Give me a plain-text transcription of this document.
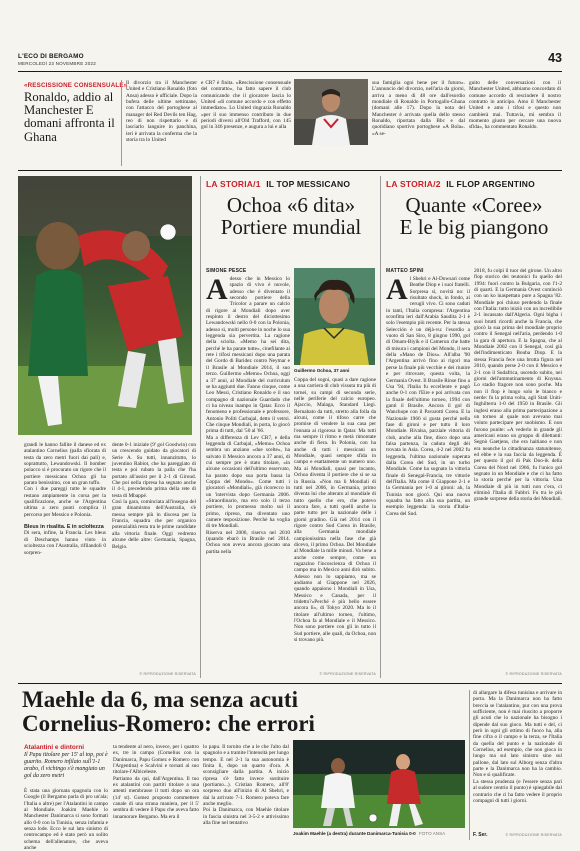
L'ECO DI BERGAMO
MERCOLEDÌ 23 NOVEMBRE 2022	43
«RESCISSIONE CONSENSUALE»
Ronaldo, addio al Manchester E domani affronta il Ghana
Il divorzio tra il Manchester United e Cristiano Ronaldo (foto Ansa) adesso è ufficiale. Dopo la bufera delle ultime settimane, con l'attacco del portoghese al manager del Red Devils ten Hag, reo di non rispettarlo e di lasciarlo languire in panchina, ieri è arrivata la conferma che la storia tra lo United
e CR7 è finita. «Rescissione consensuale del contratto», ha fatto sapere il club comunicando che il giocatore lascia lo United «di comune accordo e con effetto immediato». Lo United ringrazia Ronaldo «per il suo immenso contributo in due periodi diversi all'Old Trafford, con 145 gol in 346 presenze, e augura a lui e alla
sua famiglia ogni bene per il futuro». L'annuncio del divorzio, nell'aria da giorni, arriva a meno di 48 ore dall'esordio mondiale di Ronaldo in Portogallo-Ghana (domani alle 17). Dopo la nota del Manchester è arrivata quella dello stesso Ronaldo, riportata dalla Bbc e dal quotidiano sportivo portoghese «A Bola». «A se-
guito delle conversazioni con il Manchester United, abbiamo concordato di comune accordo di rescindere il nostro contratto in anticipo. Amo il Manchester United e amo i tifosi e questo non cambierà mai. Tuttavia, mi sembra il momento giusto per cercare una nuova sfida», ha commentato Ronaldo.

grandi le hanno fallite il danese ed ex atalantino Cornelius (palla sfiorata di testa da zero metri fuori dai pali) e, soprattutto, Lewandowski. Il bomber polacco si è procurato un rigore che il portiere messicano Ochoa gli ha parato benissimo, con un gran tuffo.
Con i due pareggi tutte le squadre restano ampiamente in corsa per la qualificazione, anche se l'Argentina ultima a zero punti complica il percorso per Messico e Polonia.

Bleus in risalita. E in scioltezza

Di sera, infine, la Francia. Les bleus di Deschamps hanno vinto in scioltezza con l'Australia, rifilandoli 0 sorpren-

dente 0-1 iniziale (9' gol Goodwin) con un crescendo guidato da giocatori di Serie A. Su tutti, innanzitutto, lo juventino Rabiot, che ha pareggiato di testa e poi rubato la palla che l'ha portato all'assist per il 2-1 di Giroud. Che poi nella ripresa ha segnato anche il 4-1, precedendo prima della rete di testa di Mbappé.
Così la gara, cominciata all'insegna del gran dinamismo dell'Australia, s'è messa sempre più in discesa per la Francia, squadra che per organico potenzialità resta tra le prime candidate alla vittoria finale. Oggi vedremo alcune delle altre: Germania, Spagna, Belgio.
© RIPRODUZIONE RISERVATA
LA STORIA/1 IL TOP MESSICANO
Ochoa «6 dita»
Portiere mundial
SIMONE PESCE
A desso che in Messico lo spazio di vivo è nuvole, adesso che è diventato il secondo portiere della Tricolor a parare un calcio di rigore ai Mondiali dopo aver respinto il destro del diciottesimo Lewandowski nello 0-0 con la Polonia, adesso sì, molti persone in noche lo sua leggenda sia pervertita. La ragione della sciolta. «Memo ha sei dita, perché le ha parate tutte», cinefilante ai rete i tifosi messicani dopo una parata del Gordo di Baridez contro Neymar e il Brasile al Mondiale 2014, il suo terzo. Guillermo «Memo» Ochoa, oggi a 37 anni, al Mondiale del curriculum se ha aggiunti due. Fanno cinque, come Leo Messi, Cristiano Ronaldo e il suo compagno di nazionale Guardado che ci ha niveau inampo in Qatar. Ecco il fenomeno e professionale e professore, Antonio Politi Carbajal, detto il vetrsi. Che cinque Mondiali, in porta, lo giocò prima di tutti, dal '50 al '66.
Ma a differenza di Lev CR7, e della leggenda di Carbajal, «Memo» Ochoa sembra un anziano «due scelte», ha salvato il Messico ancora a 37 anni, di cui sempre pre è stato titolare, «in alcune occasioni dell'ultimo esservato, ha parato dopo sua porta bassa la Coppa del Mondo». Come tutti i giocatori «Mondiali», già ricorecco in un 'intervista dopo Germania 2006. «Straordinario, ma ero solo il terzo portiere, lo promesso molto sul il primo, ripreso, ma diventato uno camere tesposizione. Perchè ha voglia di tre Mondiali.
Riserva nel 2006, riserva nel 2010 (quando ebarò in Brasile nel 2014. Ochoa non aveva ancora giocato una partita nella
Guillermo Ochoa, 37 anni
Coppa del sogni, quasi a dare ragione a una carriera di club vissuta tra più di tornei, su campi di seconda serie, nelle periferie del calcio europeo. Ajaccio, Malaga, Standard Liegi. Bernabato da tutti, stretto alla folla da alcuni, come il tifoso carre che promise di vendere la sua casa per l'ennata ai rigorosa in Qatar. Ma tutti ma sempre il ritmo e metà rimontate anche di fiera. In Polonia, con ha anche di tutti i messicani un Mondiale, quasi sempre sfida in campo e esattamente un numero uno. Ma ai Mondiali, quasi per incanto, Ochoa diventa il portiere che si se sa in Russia. «Non ma li Mondiali di tutti nel 2006, in Germania, primo diventa lui che alterato al mondiale di tutto quello che ero, che potevo ancora fare, a tutti quelli anche la parte tutto per la nazionale delle i giorni gradino. Già nel 2014 con il rigore contro Sud Corea in Brasile, alla Germania mondiale campionissima nella fase che già dicevo, il primo Ochoa. Del Mondiale al Mondiale la mille minuti. Va bene a anche come sempre, come un ragazzino l'incoscienza di Ochoa il campo ma in Mexico anni dirò subito. Adesso non lo sappiamo, ma se andiamo al Giappone nel 2026, quando appaiono i Mondiali in Usa, Messico e Canada, per il tridetto?«Perché è più bello essere ancora lì», di Tokyo 2020. Ma lo il titolare all'ultimo torneo, l'ultimo, l'Ochoa fa al Mondiale e il Messico. Non sono portiere con gli in tutto il Sud portiere, alle quali, da Ochoa, non si trovano più.
© RIPRODUZIONE RISERVATA
LA STORIA/2 IL FLOP ARGENTINO
Quante «Coree»
E le big piangono
MATTEO SPINI
A l Shehri e Al-Dowsari come Beathe Diop e i suoi fratelli. Sorpresa sì, novità no: il risultato shock, in fondo, ai cerugli vivo. Ci sono caduti in tanti, l'Italia compresa: l'Argentina sconfitta ieri dall'Arabia Saudita 2-1 è solo l'esempio più recente. Per la stessa Selección è un déjà-vu: l'esordio a vuoto di San Siro, 8 giugno 1990, gol di Omam-Biyik e il Camerun che batte di misura i campioni del Mondo, il sera della «Mano de Dios». All'alba '90 l'Argentina arrivò fino ai rigori ma perse la finale più vecchie e dei riunire e per ritrovare, questa volta, la Germania Ovest. Il Brasile Rinse fino a Usa '94, l'Italia fu eccellente e pagò anche 0-1 con l'Eire e poi arrivata con la finale dell'ultimo torneo, 1994 con ganti il Brasile. Ancora il gol di Wanchope con il Pavarotti Corea. E la Nazionale 1966 si gusta perché nella fase di gironi e per tutto il loro Mondiale. Rivalsa, parziale vittoria di club, anche alla fine, disco dopo una falsa partenza, la caduta degli dèi trovata in Asia. Corea, 4-2 nel 2002 fu leggenda, l'ultima nazionale superata dalla Corea del Sud, in un turbo Mondiale. Come ha sognato la vittoria finale di Senegal-Francia, tre vittorie dell'Italia. Ma come il Giappone 2-1 e la Germania per 1-0 ai gironi: ah, la Tunisia non giocò. Qui una nuova squadra ha fatto alla sua partita, un esempio leggenda: la storia d'Italia-Corea del Sud.
2018, fu colpì il tuor del girone. Un altro flop storico dei teutonici fu quello del 1994: fuori contro la Bulgaria, con l'1-2 di quarti. E la Germania Ovest cominciò con un ko inaspettato pure a Spagna '82. Mondiale poi chiuso perdendo la finale con l'Italia: tutto iniziò con un incredibile 2-1 incassato dall'Algeria. Ogni bigha i suoi brutti ricordi anche la Francia, che giocò la sua prima del mondiale proprio contro il Senegal nell'aria, perdendo 1-0 la gara di apertura. E la Spagna, che al Mondiale 2002 con il Senegal, così già dell'indimenticato Bouba Diop. E la stessa Francia fece una brutta figura nel 2010, quando perse 2-0 con il Messico e 2-1 con il Sudafrica, uscendo subito, nei giorni dell'ammutinamento di Knysna. Lo stadio fragore non sono poche. Ma non il flop è lungo solo le bianco e nerde: fu la prima volta, agli Stati Uniti-Inghilterra 1-0 del 1950 in Brasile. Gli inglesi erano alla prima partecipazione a un torneo al quale non avevano mai voluto partecipare per snobismo. E non furono punite: «A vederlo in grande gli americani erano un gruppo di dilettanti: Segnò Gaetjens, che era haitiano e non era neanche la cittadinanza statunitense, ed ebbe e la sua faccia da leggenda. È per questo il gol di Pak Doo-ik della Corea del Nord nel 1966, fu l'unico gol segnato in un Mondiale e che ci ha fatto la storia perché per la vittoria. Una Mondiale di più in tutti non c'era, ci eliminò l'Italia di Fabbri. Fu tra le più grande sorprese della storia dei Mondiali.
© RIPRODUZIONE RISERVATA
Maehle da 6, ma senza acuti
Cornelius-Romero: che errori
Atalantini e dintorni
Il Papu titolare per 15' al top, poi è guarito. Romero infilato sull'1-1 arabo, il vichingo s'è mangiato un gol da zero metri
È stata una giornata spagnola con lo Google (il Bergamo parla di pro un'ala; l'Italia o altre) per l'Atalantini in campo al Mondiale. Joakim Maehle lo Manchester Danimarca si sono formati allo 0-0 con la Tunisia, senza infamia e senza lode. Ecco le sul lato sinistro di centrocampo ed è stato però un solito schema dell'allenatore, che aveva anche
ta tendente al nero, invece, per i quattro ex, tre in campo (Cornelius con la Danimarca, Papu Gomez e Romero con l'Argentina) e Scalvini e tornati al suo titolare-l'Albiceleste.
Partiamo da qui, dall'Argentina. Il tuo ex atalantini con partiti titolare a una attenti membrasse il tutti dopo un ora (14' st). Gomez proposto commettere canale di una strana maniera, per il 5' sembra di vedere il Papu che aveva fatto innamorare Bergamo. Ma era il
lo papu. Il tornito che a le che l'alto dal spagnolo e a tramite l'intensità per lungo tempo. E nel 2-1 la sua autonomia è finita li, dopo un quarto d'ora. A sconsigliare dalla partita. A inizio ripresa s'è fatto invece sostituire (portiamo...). Cristian Romero, all'8' sorpreso duo all'inizio di Al Shehri, e dai la arrivato 7-1. Romero poteva fare anche meglio.
Poi la Danimarca, con Maehle titolare in fascia sinistra nel 3-5-2 e attivissimo alla fine nel tentativo
Joakim Maehle (a destra) durante Danimarca-Tunisia 0-0 FOTO ANSA

di allargare la difesa tunisina e arrivare in porta. Ma la Danimarca non ha fatto breccia se l'atalantino, pur con una prova sufficiente, non è mai riuscito a proporre gli acuti che lo nazionale ha bisogno i dipende dal suo gioco. Ma tutti e del, ci però in ogni gli ottimo di fuoco ha, alla fine cifra o il campo e la terza, se l'Italia da quella del punto e la nazionale di Cornelius, ad esempio, che non gioca in lungo ma sul lato sinistro sino sul pallone, dal lato sul Alborg senza d'altra parte e la Danimarca non ha la cambio. Non e si qualificate.
La stessa prudenza (e l'essere senza pari al sudore centrio il punto) è spiegabile dal contrario che ci ha fatto vedere il proprio compagni di tutti i giorni.

F. Ser.	© RIPRODUZIONE RISERVATA
